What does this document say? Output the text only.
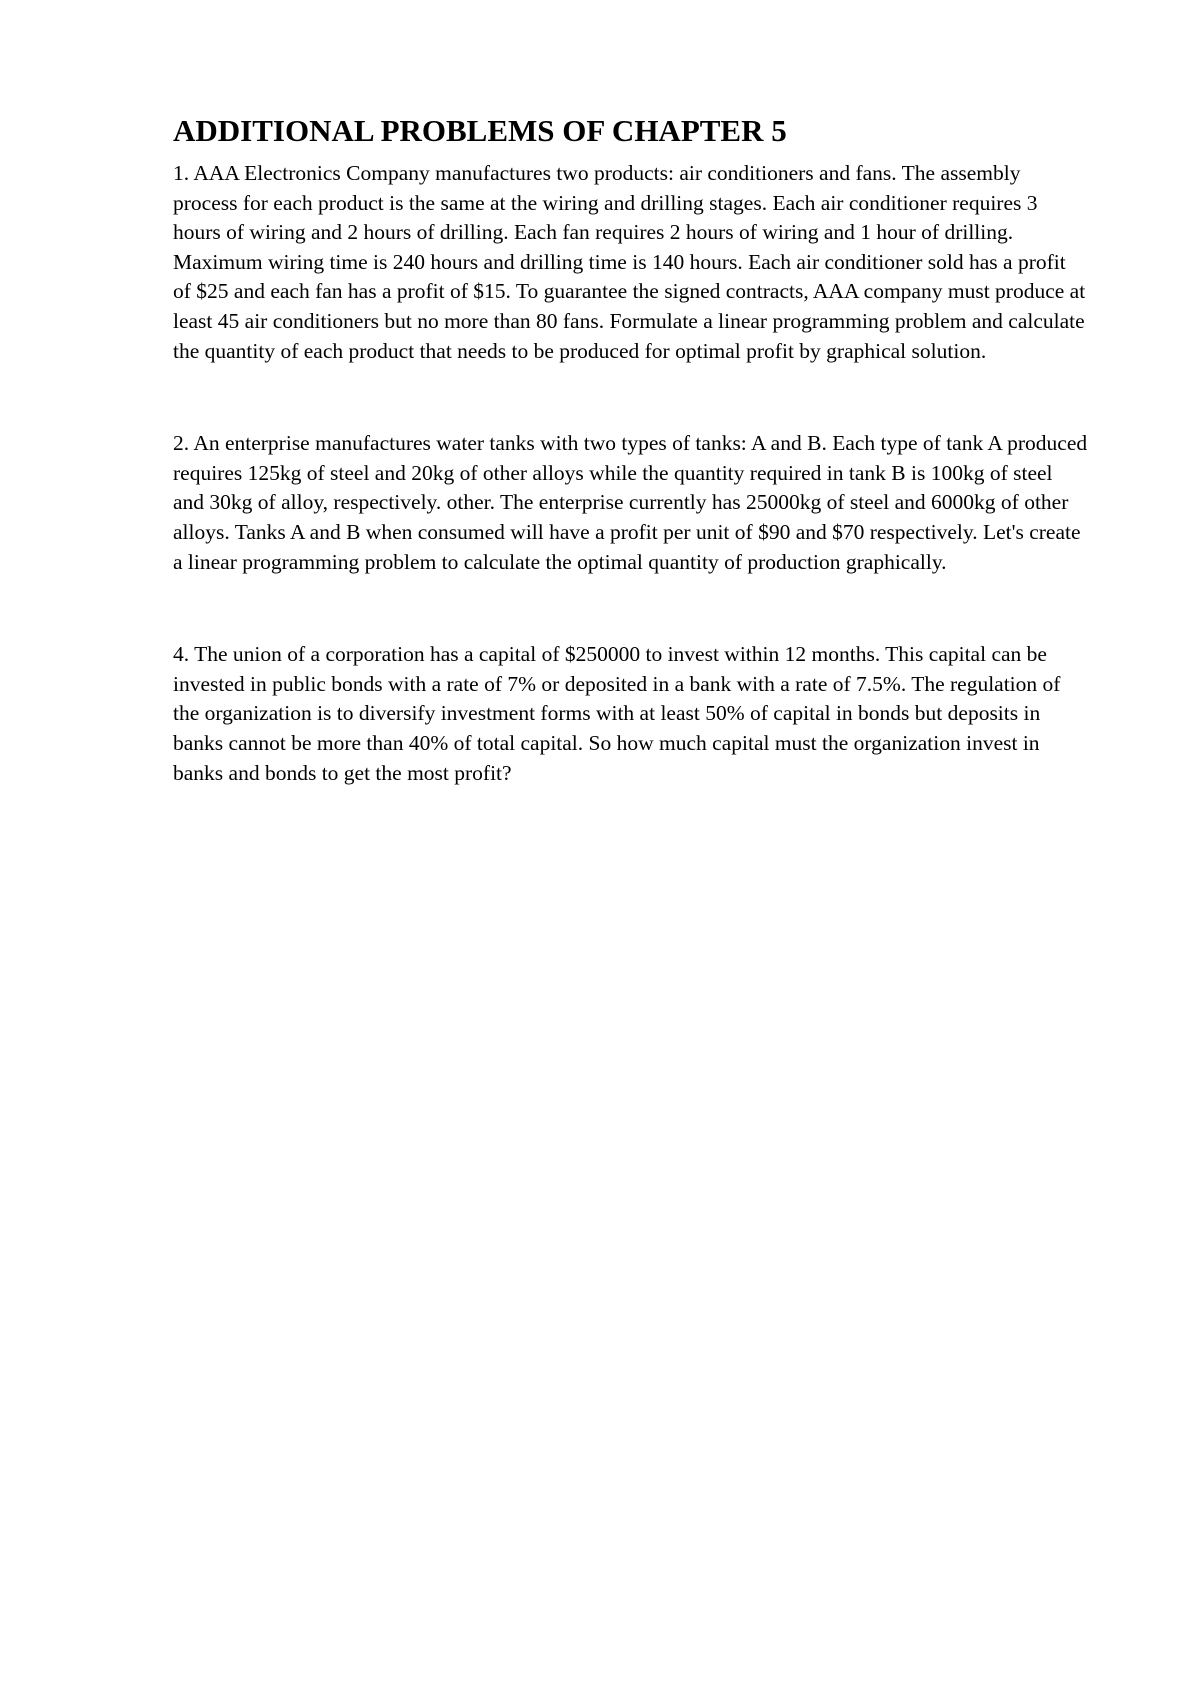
ADDITIONAL PROBLEMS OF CHAPTER 5

1. AAA Electronics Company manufactures two products: air conditioners and fans. The assembly process for each product is the same at the wiring and drilling stages. Each air conditioner requires 3 hours of wiring and 2 hours of drilling. Each fan requires 2 hours of wiring and 1 hour of drilling. Maximum wiring time is 240 hours and drilling time is 140 hours. Each air conditioner sold has a profit of $25 and each fan has a profit of $15. To guarantee the signed contracts, AAA company must produce at least 45 air conditioners but no more than 80 fans. Formulate a linear programming problem and calculate the quantity of each product that needs to be produced for optimal profit by graphical solution.

2. An enterprise manufactures water tanks with two types of tanks: A and B. Each type of tank A produced requires 125kg of steel and 20kg of other alloys while the quantity required in tank B is 100kg of steel and 30kg of alloy, respectively. other. The enterprise currently has 25000kg of steel and 6000kg of other alloys. Tanks A and B when consumed will have a profit per unit of $90 and $70 respectively. Let's create a linear programming problem to calculate the optimal quantity of production graphically.

4. The union of a corporation has a capital of $250000 to invest within 12 months. This capital can be invested in public bonds with a rate of 7% or deposited in a bank with a rate of 7.5%. The regulation of the organization is to diversify investment forms with at least 50% of capital in bonds but deposits in banks cannot be more than 40% of total capital. So how much capital must the organization invest in banks and bonds to get the most profit?
